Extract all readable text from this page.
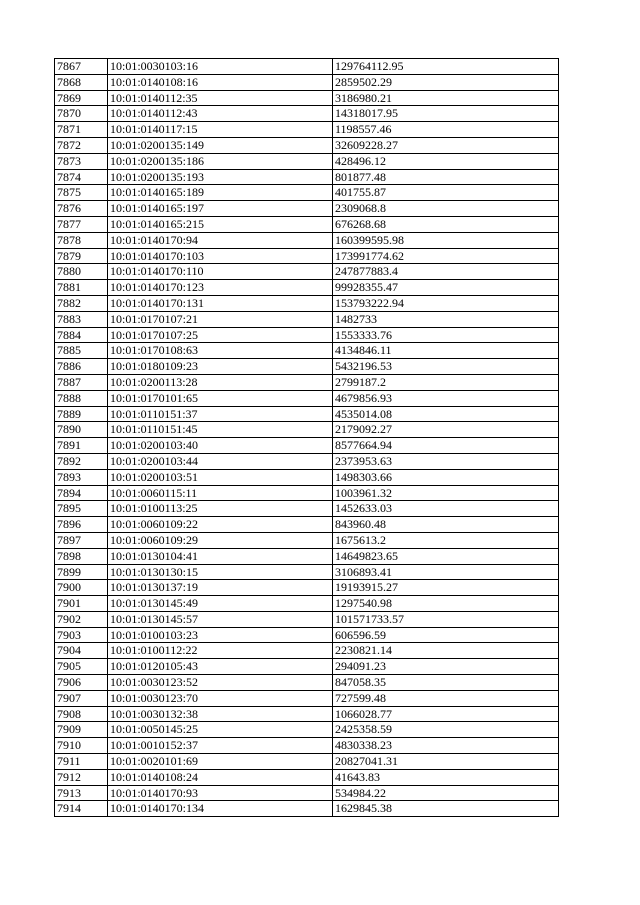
7867	10:01:0030103:16	129764112.95
7868	10:01:0140108:16	2859502.29
7869	10:01:0140112:35	3186980.21
7870	10:01:0140112:43	14318017.95
7871	10:01:0140117:15	1198557.46
7872	10:01:0200135:149	32609228.27
7873	10:01:0200135:186	428496.12
7874	10:01:0200135:193	801877.48
7875	10:01:0140165:189	401755.87
7876	10:01:0140165:197	2309068.8
7877	10:01:0140165:215	676268.68
7878	10:01:0140170:94	160399595.98
7879	10:01:0140170:103	173991774.62
7880	10:01:0140170:110	247877883.4
7881	10:01:0140170:123	99928355.47
7882	10:01:0140170:131	153793222.94
7883	10:01:0170107:21	1482733
7884	10:01:0170107:25	1553333.76
7885	10:01:0170108:63	4134846.11
7886	10:01:0180109:23	5432196.53
7887	10:01:0200113:28	2799187.2
7888	10:01:0170101:65	4679856.93
7889	10:01:0110151:37	4535014.08
7890	10:01:0110151:45	2179092.27
7891	10:01:0200103:40	8577664.94
7892	10:01:0200103:44	2373953.63
7893	10:01:0200103:51	1498303.66
7894	10:01:0060115:11	1003961.32
7895	10:01:0100113:25	1452633.03
7896	10:01:0060109:22	843960.48
7897	10:01:0060109:29	1675613.2
7898	10:01:0130104:41	14649823.65
7899	10:01:0130130:15	3106893.41
7900	10:01:0130137:19	19193915.27
7901	10:01:0130145:49	1297540.98
7902	10:01:0130145:57	101571733.57
7903	10:01:0100103:23	606596.59
7904	10:01:0100112:22	2230821.14
7905	10:01:0120105:43	294091.23
7906	10:01:0030123:52	847058.35
7907	10:01:0030123:70	727599.48
7908	10:01:0030132:38	1066028.77
7909	10:01:0050145:25	2425358.59
7910	10:01:0010152:37	4830338.23
7911	10:01:0020101:69	20827041.31
7912	10:01:0140108:24	41643.83
7913	10:01:0140170:93	534984.22
7914	10:01:0140170:134	1629845.38
